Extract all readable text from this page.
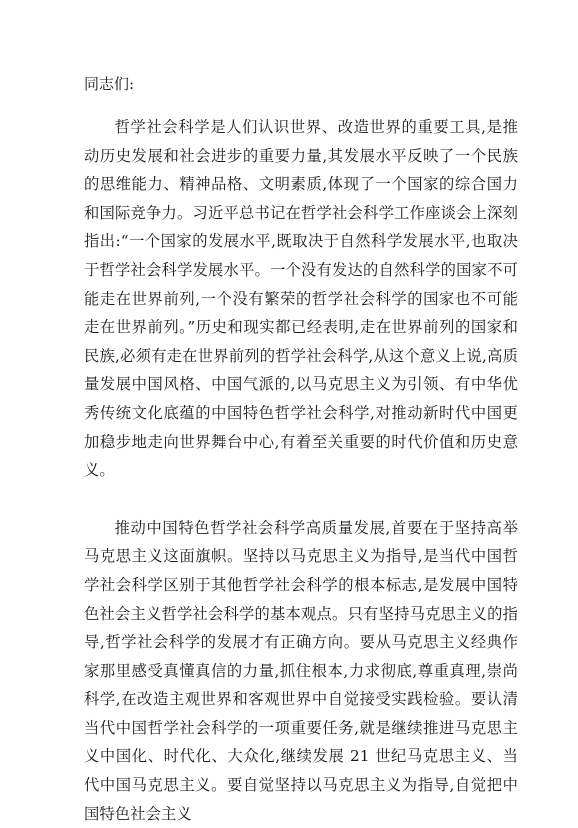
同志们:

哲学社会科学是人们认识世界、改造世界的重要工具,是推动历史发展和社会进步的重要力量,其发展水平反映了一个民族的思维能力、精神品格、文明素质,体现了一个国家的综合国力和国际竞争力。习近平总书记在哲学社会科学工作座谈会上深刻指出:“一个国家的发展水平,既取决于自然科学发展水平,也取决于哲学社会科学发展水平。一个没有发达的自然科学的国家不可能走在世界前列,一个没有繁荣的哲学社会科学的国家也不可能走在世界前列。”历史和现实都已经表明,走在世界前列的国家和民族,必须有走在世界前列的哲学社会科学,从这个意义上说,高质量发展中国风格、中国气派的,以马克思主义为引领、有中华优秀传统文化底蕴的中国特色哲学社会科学,对推动新时代中国更加稳步地走向世界舞台中心,有着至关重要的时代价值和历史意义。

推动中国特色哲学社会科学高质量发展,首要在于坚持高举马克思主义这面旗帜。坚持以马克思主义为指导,是当代中国哲学社会科学区别于其他哲学社会科学的根本标志,是发展中国特色社会主义哲学社会科学的基本观点。只有坚持马克思主义的指导,哲学社会科学的发展才有正确方向。要从马克思主义经典作家那里感受真懂真信的力量,抓住根本,力求彻底,尊重真理,崇尚科学,在改造主观世界和客观世界中自觉接受实践检验。要认清当代中国哲学社会科学的一项重要任务,就是继续推进马克思主义中国化、时代化、大众化,继续发展 21 世纪马克思主义、当代中国马克思主义。要自觉坚持以马克思主义为指导,自觉把中国特色社会主义
